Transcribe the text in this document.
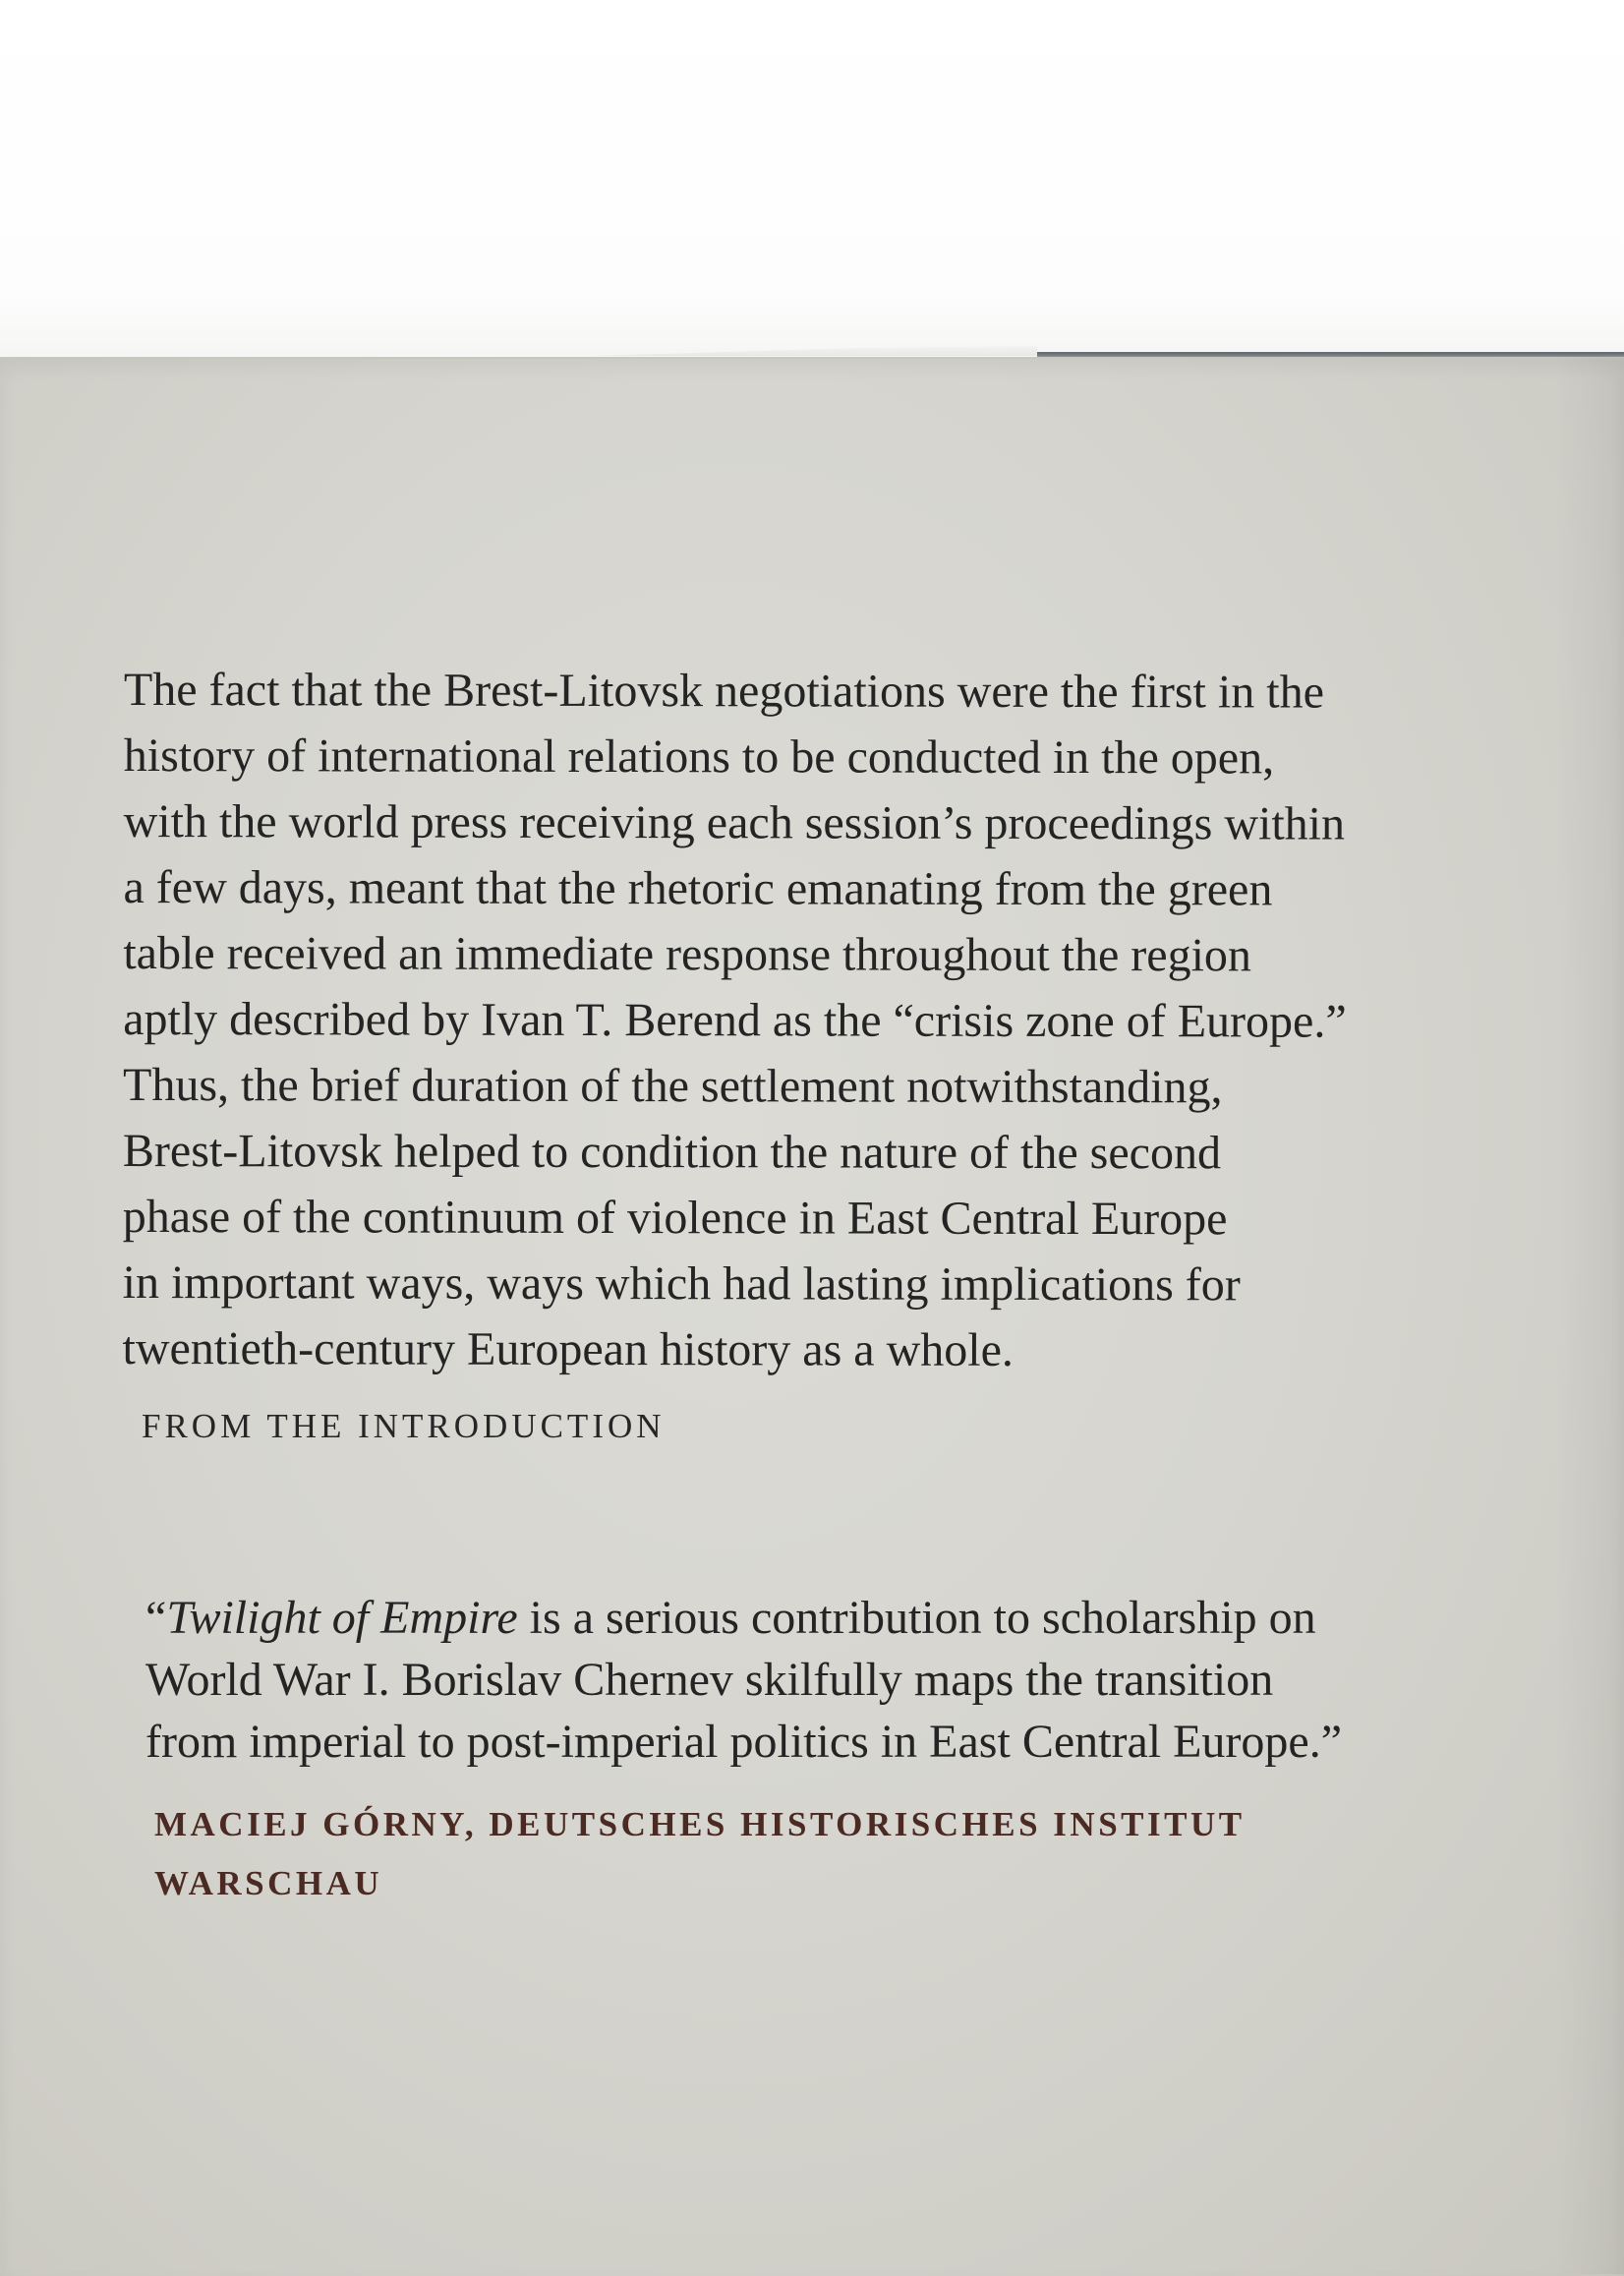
The fact that the Brest-Litovsk negotiations were the first in the
history of international relations to be conducted in the open,
with the world press receiving each session’s proceedings within
a few days, meant that the rhetoric emanating from the green
table received an immediate response throughout the region
aptly described by Ivan T. Berend as the “crisis zone of Europe.”
Thus, the brief duration of the settlement notwithstanding,
Brest-Litovsk helped to condition the nature of the second
phase of the continuum of violence in East Central Europe
in important ways, ways which had lasting implications for
twentieth-century European history as a whole.

FROM THE INTRODUCTION

“Twilight of Empire is a serious contribution to scholarship on
World War I. Borislav Chernev skilfully maps the transition
from imperial to post-imperial politics in East Central Europe.”

MACIEJ GÓRNY, DEUTSCHES HISTORISCHES INSTITUT
WARSCHAU
